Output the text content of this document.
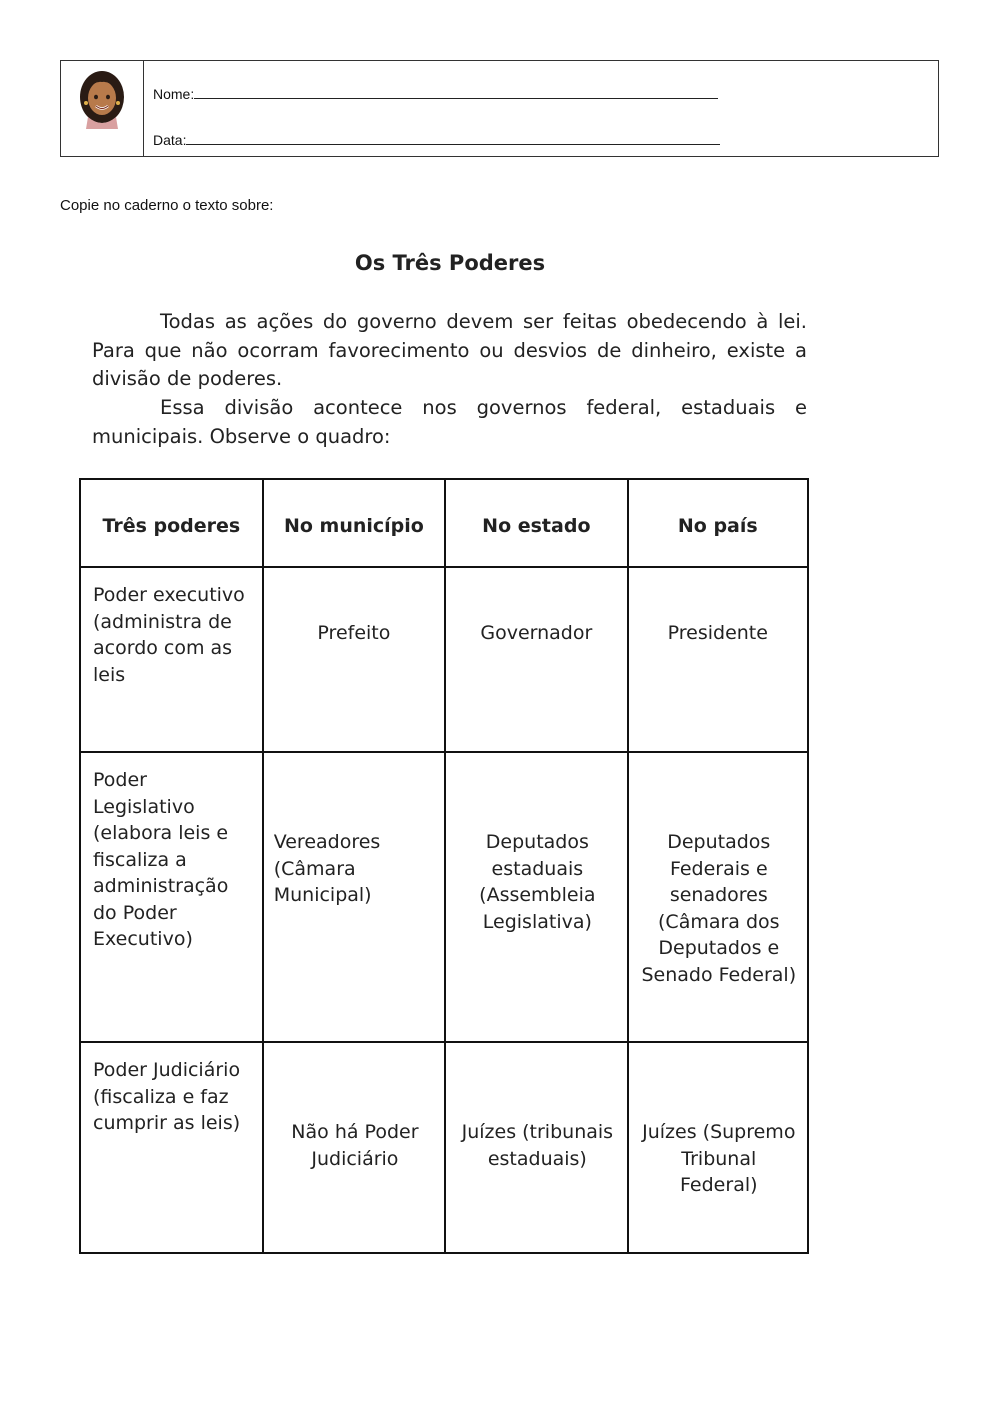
Nome:
Data:
Copie no caderno o texto sobre:
Os Três Poderes

Todas as ações do governo devem ser feitas obedecendo à lei. Para que não ocorram favorecimento ou desvios de dinheiro, existe a divisão de poderes.

Essa divisão acontece nos governos federal, estaduais e municipais. Observe o quadro:

Três poderes	No município	No estado	No país
Poder executivo (administra de acordo com as leis	Prefeito	Governador	Presidente
Poder Legislativo (elabora leis e fiscaliza a administração do Poder Executivo)	Vereadores (Câmara Municipal)	Deputados estaduais (Assembleia Legislativa)	Deputados Federais e senadores (Câmara dos Deputados e Senado Federal)
Poder Judiciário (fiscaliza e faz cumprir as leis)	Não há Poder Judiciário	Juízes (tribunais estaduais)	Juízes (Supremo Tribunal Federal)
